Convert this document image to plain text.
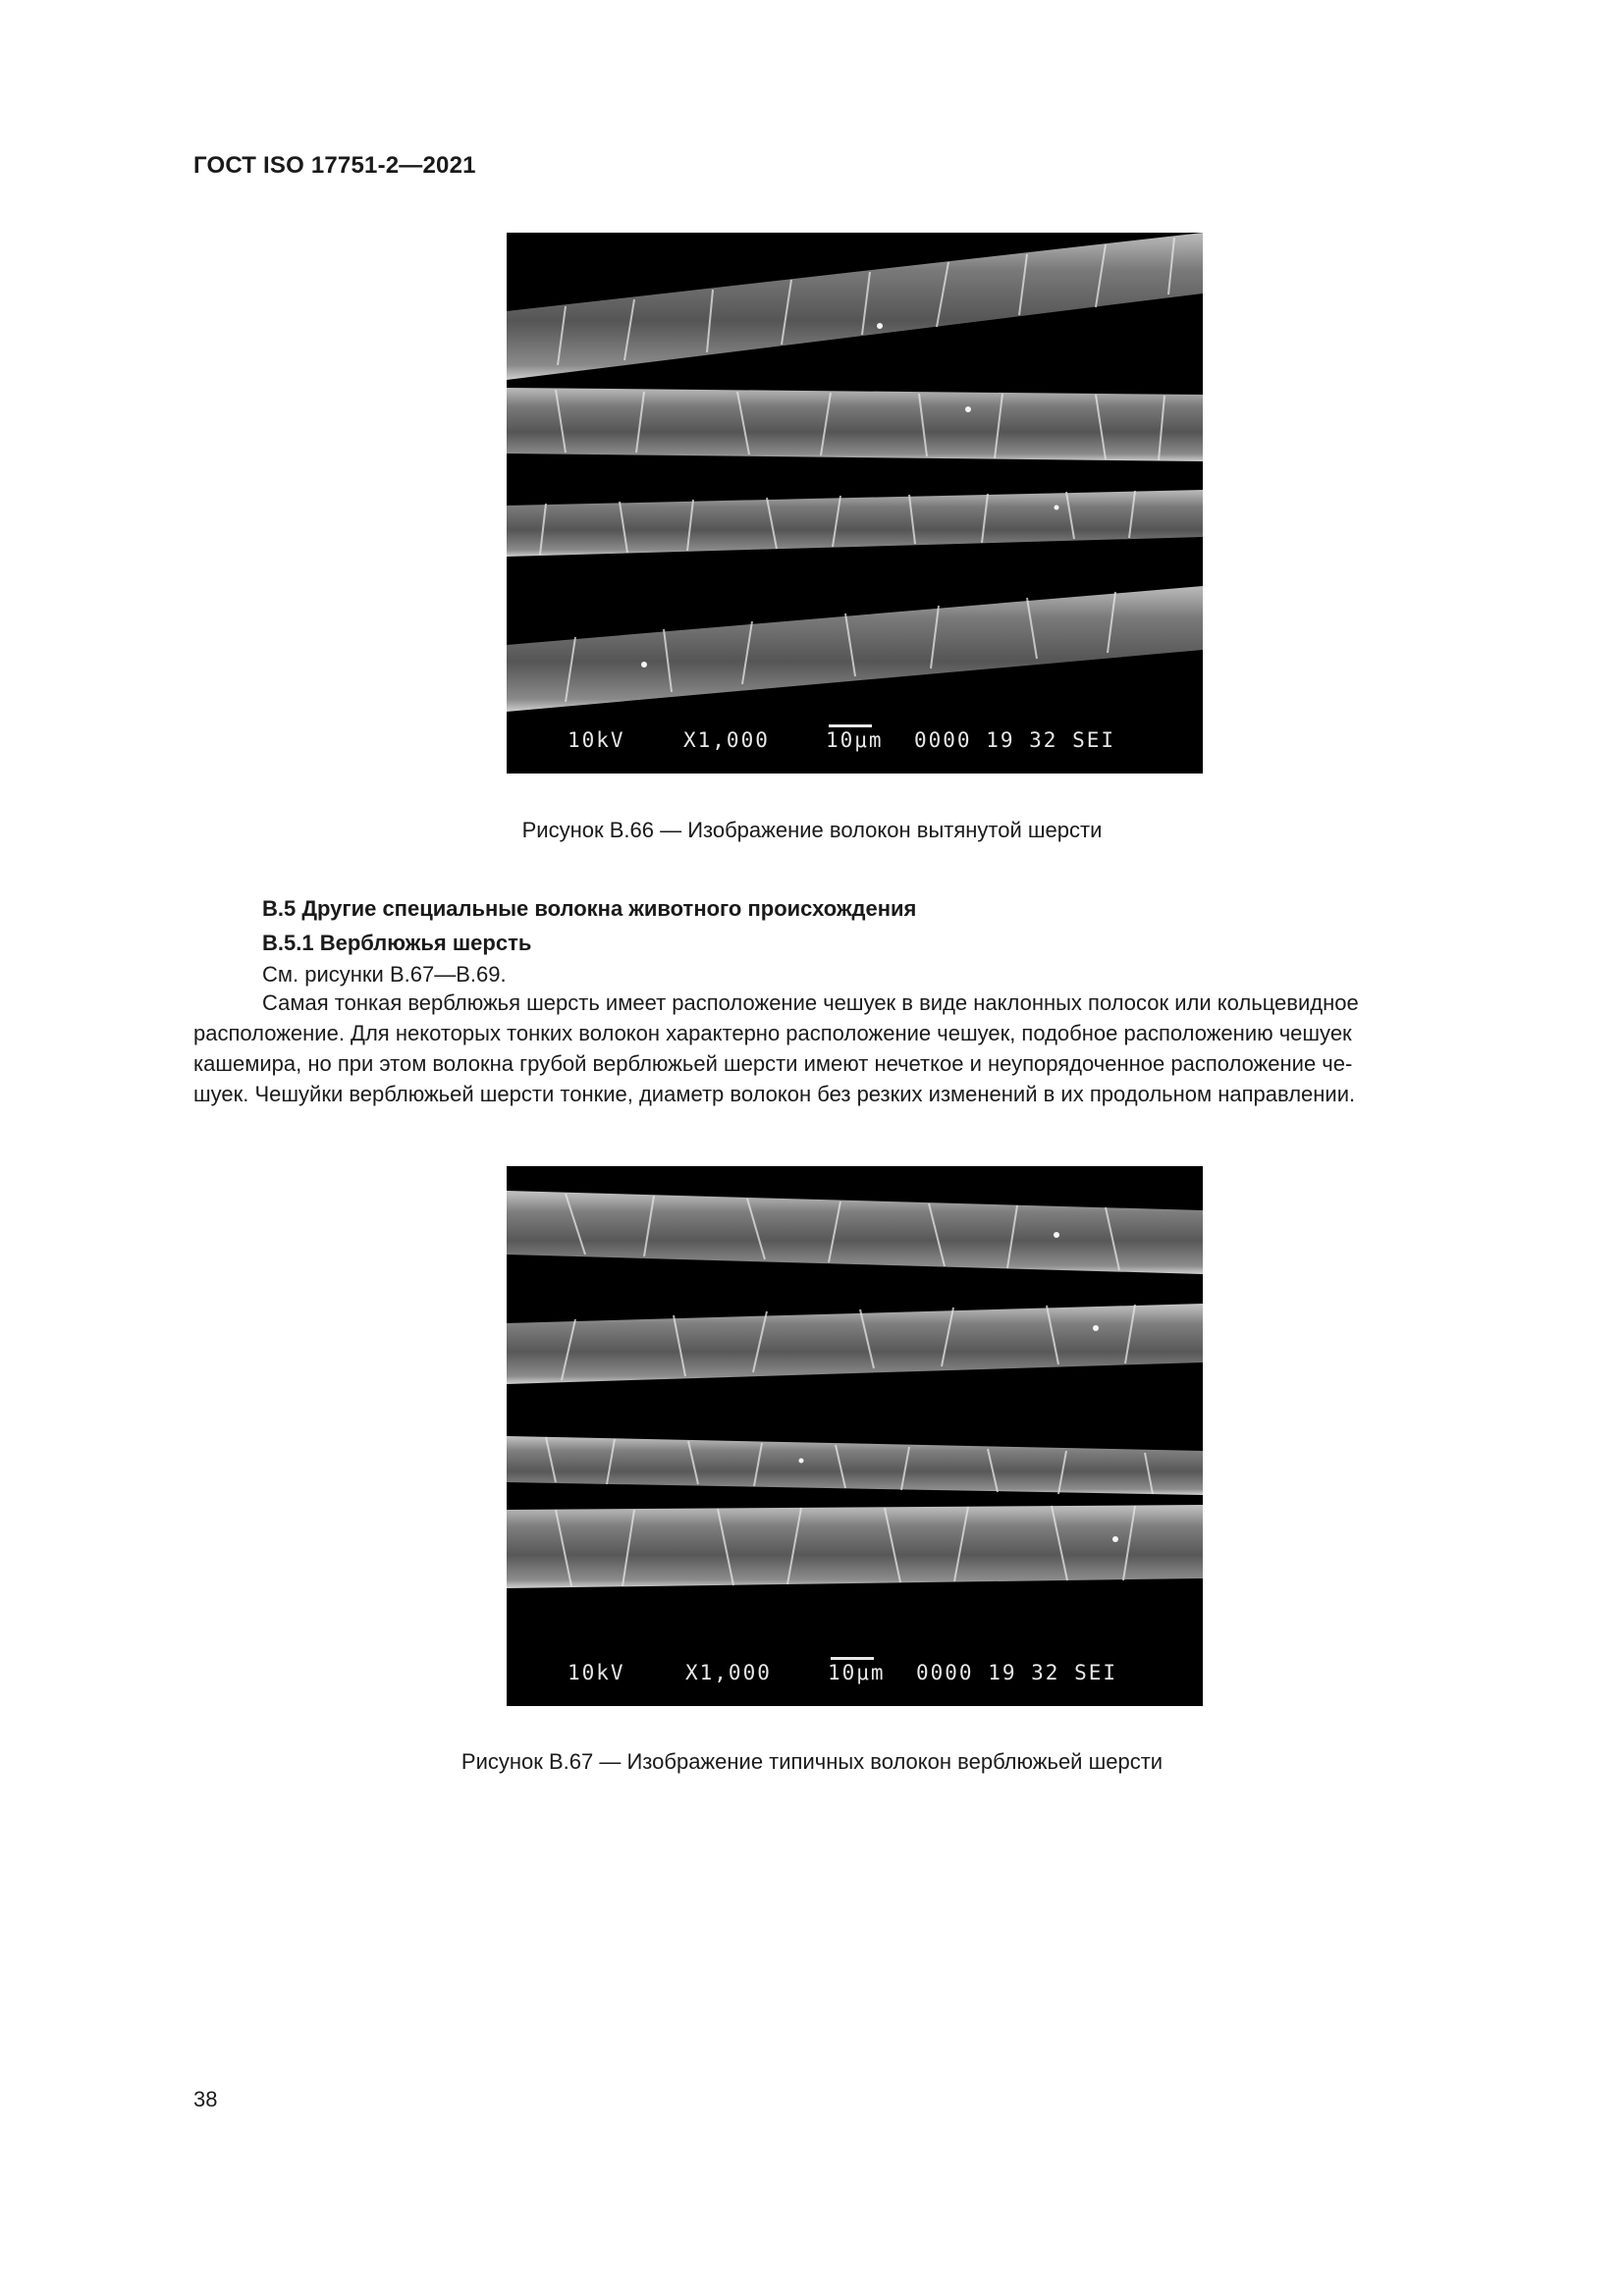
ГОСТ ISO 17751-2—2021
10kV	X1,000	10μm 0000 19 32 SEI
Рисунок В.66 — Изображение волокон вытянутой шерсти
В.5 Другие специальные волокна животного происхождения
В.5.1 Верблюжья шерсть
См. рисунки В.67—В.69.
Самая тонкая верблюжья шерсть имеет расположение чешуек в виде наклонных полосок или кольцевидное
расположение. Для некоторых тонких волокон характерно расположение чешуек, подобное расположению чешуек
кашемира, но при этом волокна грубой верблюжьей шерсти имеют нечеткое и неупорядоченное расположение че-
шуек. Чешуйки верблюжьей шерсти тонкие, диаметр волокон без резких изменений в их продольном направлении.
10kV	X1,000	10μm 0000 19 32 SEI
Рисунок В.67 — Изображение типичных волокон верблюжьей шерсти
38
